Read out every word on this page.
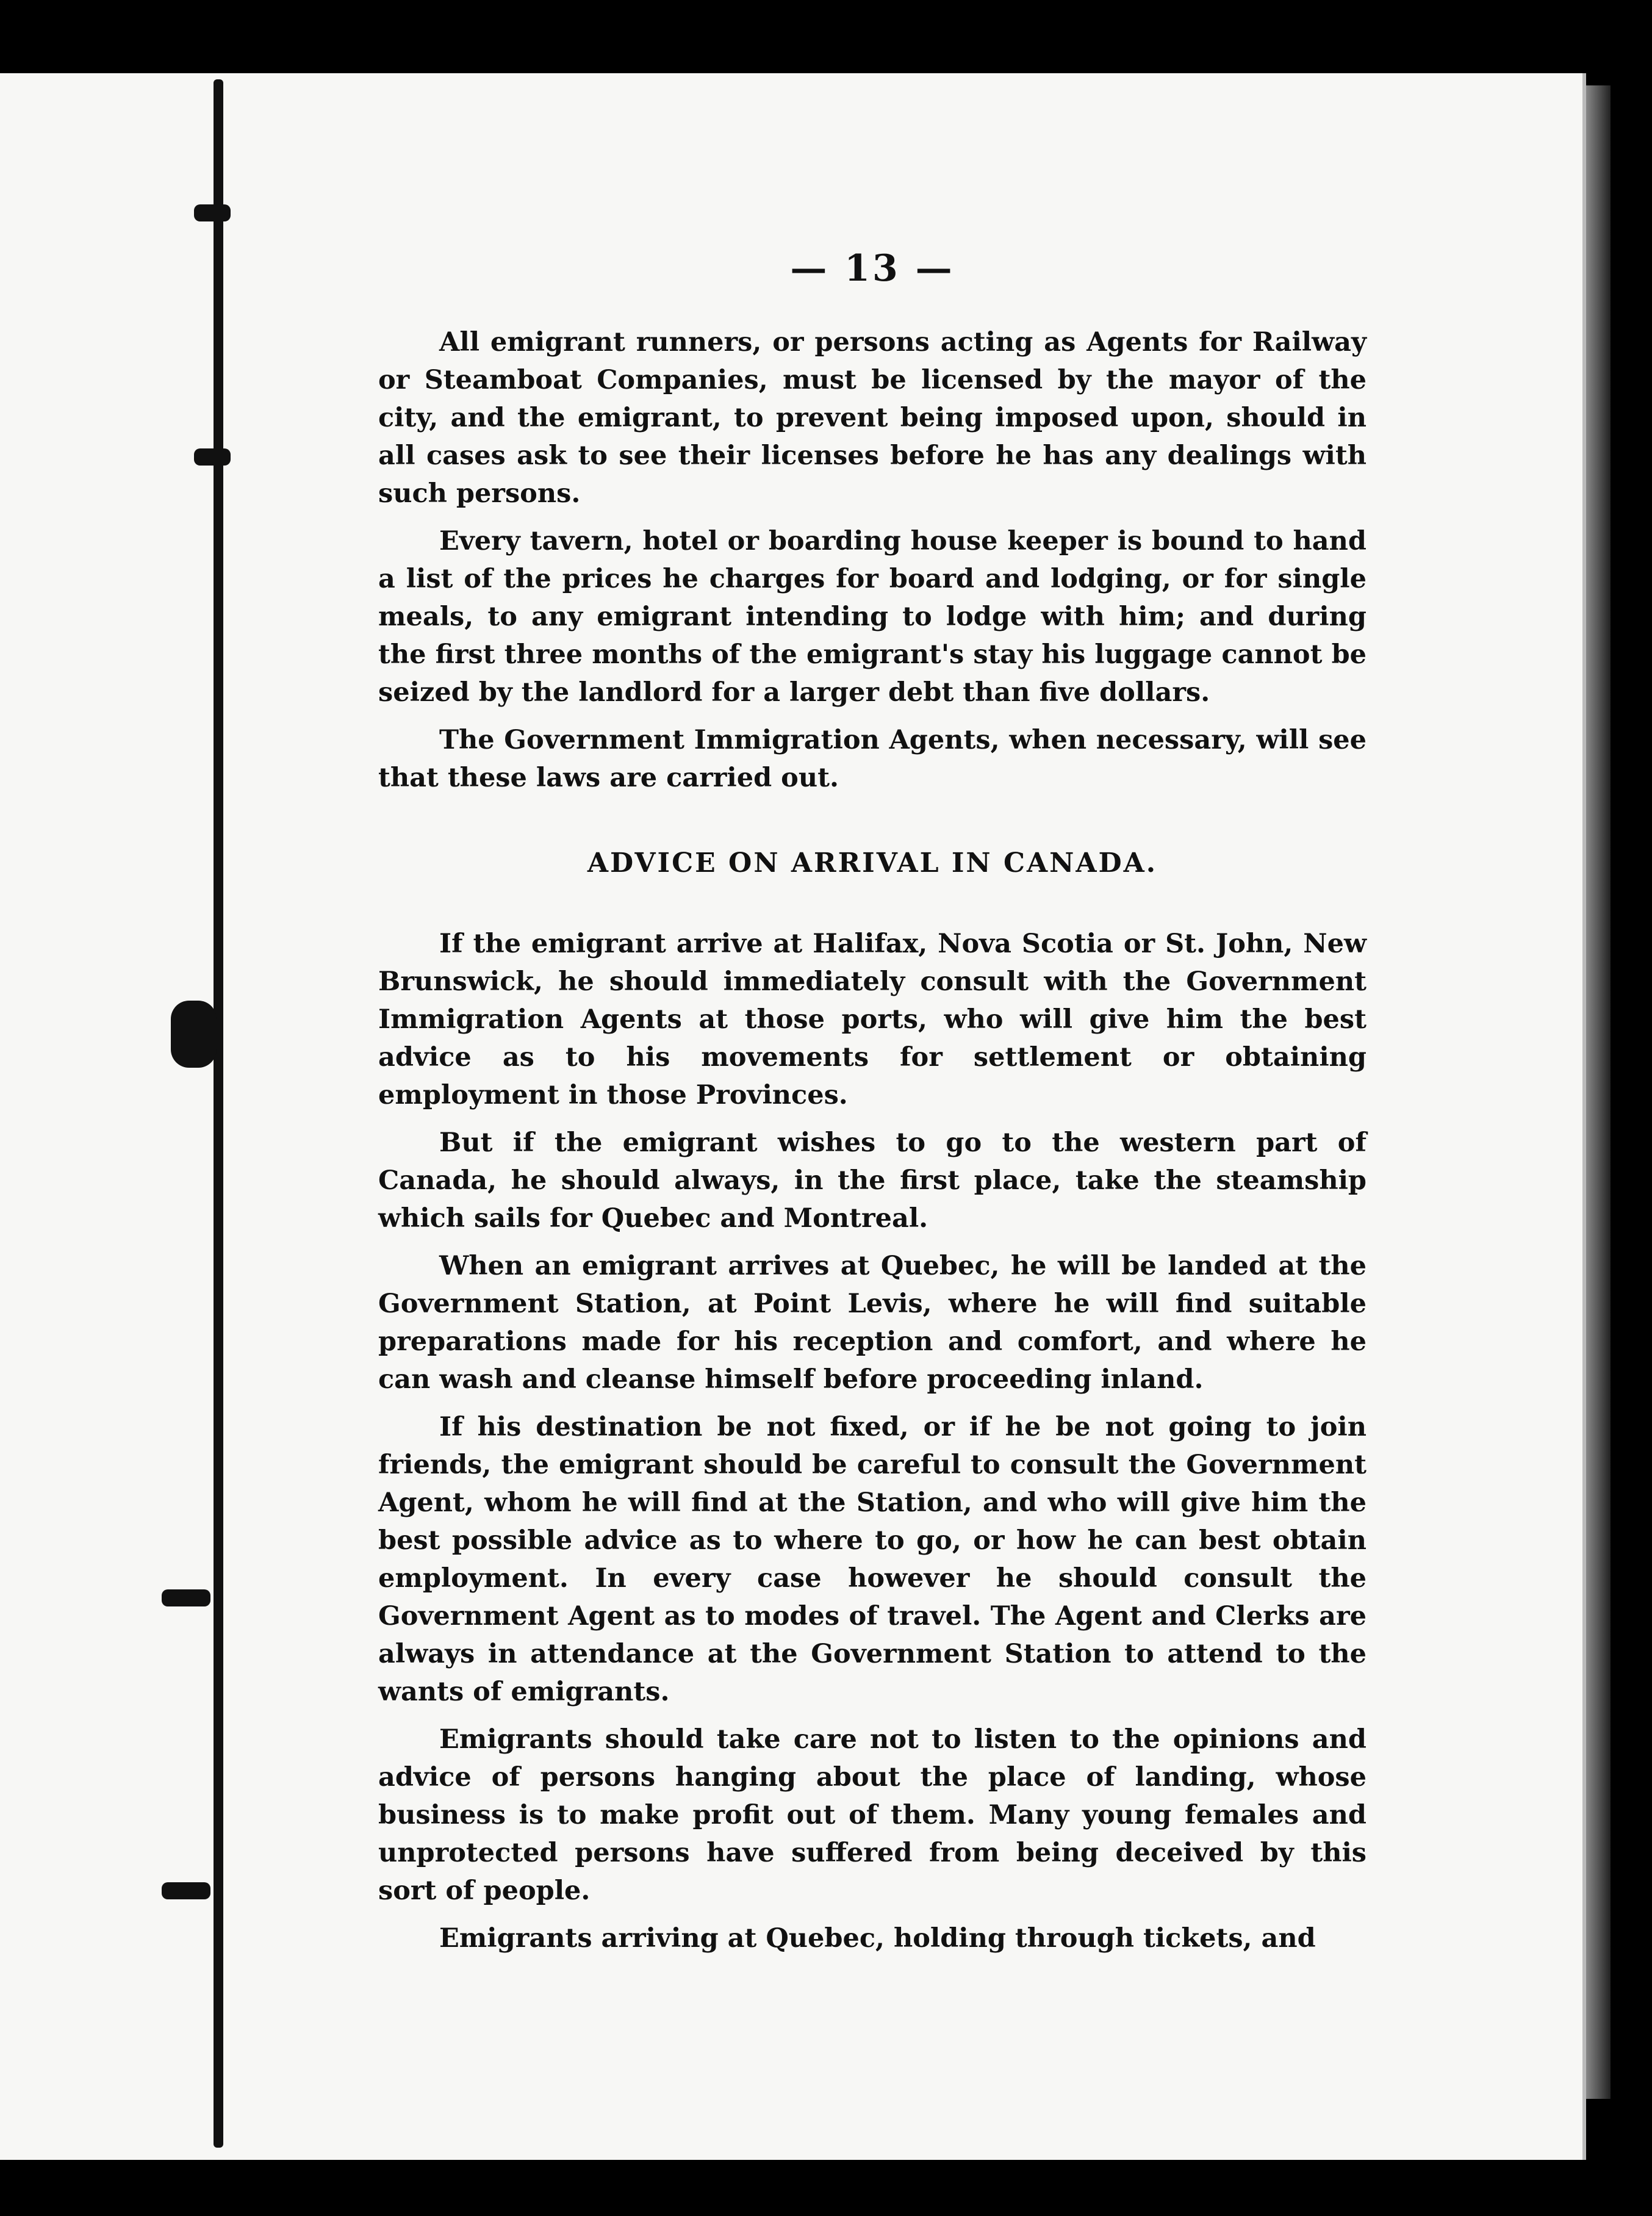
— 13 —

All emigrant runners, or persons acting as Agents for Railway or Steamboat Companies, must be licensed by the mayor of the city, and the emigrant, to prevent being imposed upon, should in all cases ask to see their licenses before he has any dealings with such persons.

Every tavern, hotel or boarding house keeper is bound to hand a list of the prices he charges for board and lodging, or for single meals, to any emigrant intending to lodge with him; and during the first three months of the emigrant's stay his luggage cannot be seized by the landlord for a larger debt than five dollars.

The Government Immigration Agents, when necessary, will see that these laws are carried out.

ADVICE ON ARRIVAL IN CANADA.

If the emigrant arrive at Halifax, Nova Scotia or St. John, New Brunswick, he should immediately consult with the Government Immigration Agents at those ports, who will give him the best advice as to his movements for settlement or obtaining employment in those Provinces.

But if the emigrant wishes to go to the western part of Canada, he should always, in the first place, take the steamship which sails for Quebec and Montreal.

When an emigrant arrives at Quebec, he will be landed at the Government Station, at Point Levis, where he will find suitable preparations made for his reception and comfort, and where he can wash and cleanse himself before proceeding inland.

If his destination be not fixed, or if he be not going to join friends, the emigrant should be careful to consult the Government Agent, whom he will find at the Station, and who will give him the best possible advice as to where to go, or how he can best obtain employment. In every case however he should consult the Government Agent as to modes of travel. The Agent and Clerks are always in attendance at the Government Station to attend to the wants of emigrants.

Emigrants should take care not to listen to the opinions and advice of persons hanging about the place of landing, whose business is to make profit out of them. Many young females and unprotected persons have suffered from being deceived by this sort of people.

Emigrants arriving at Quebec, holding through tickets, and
